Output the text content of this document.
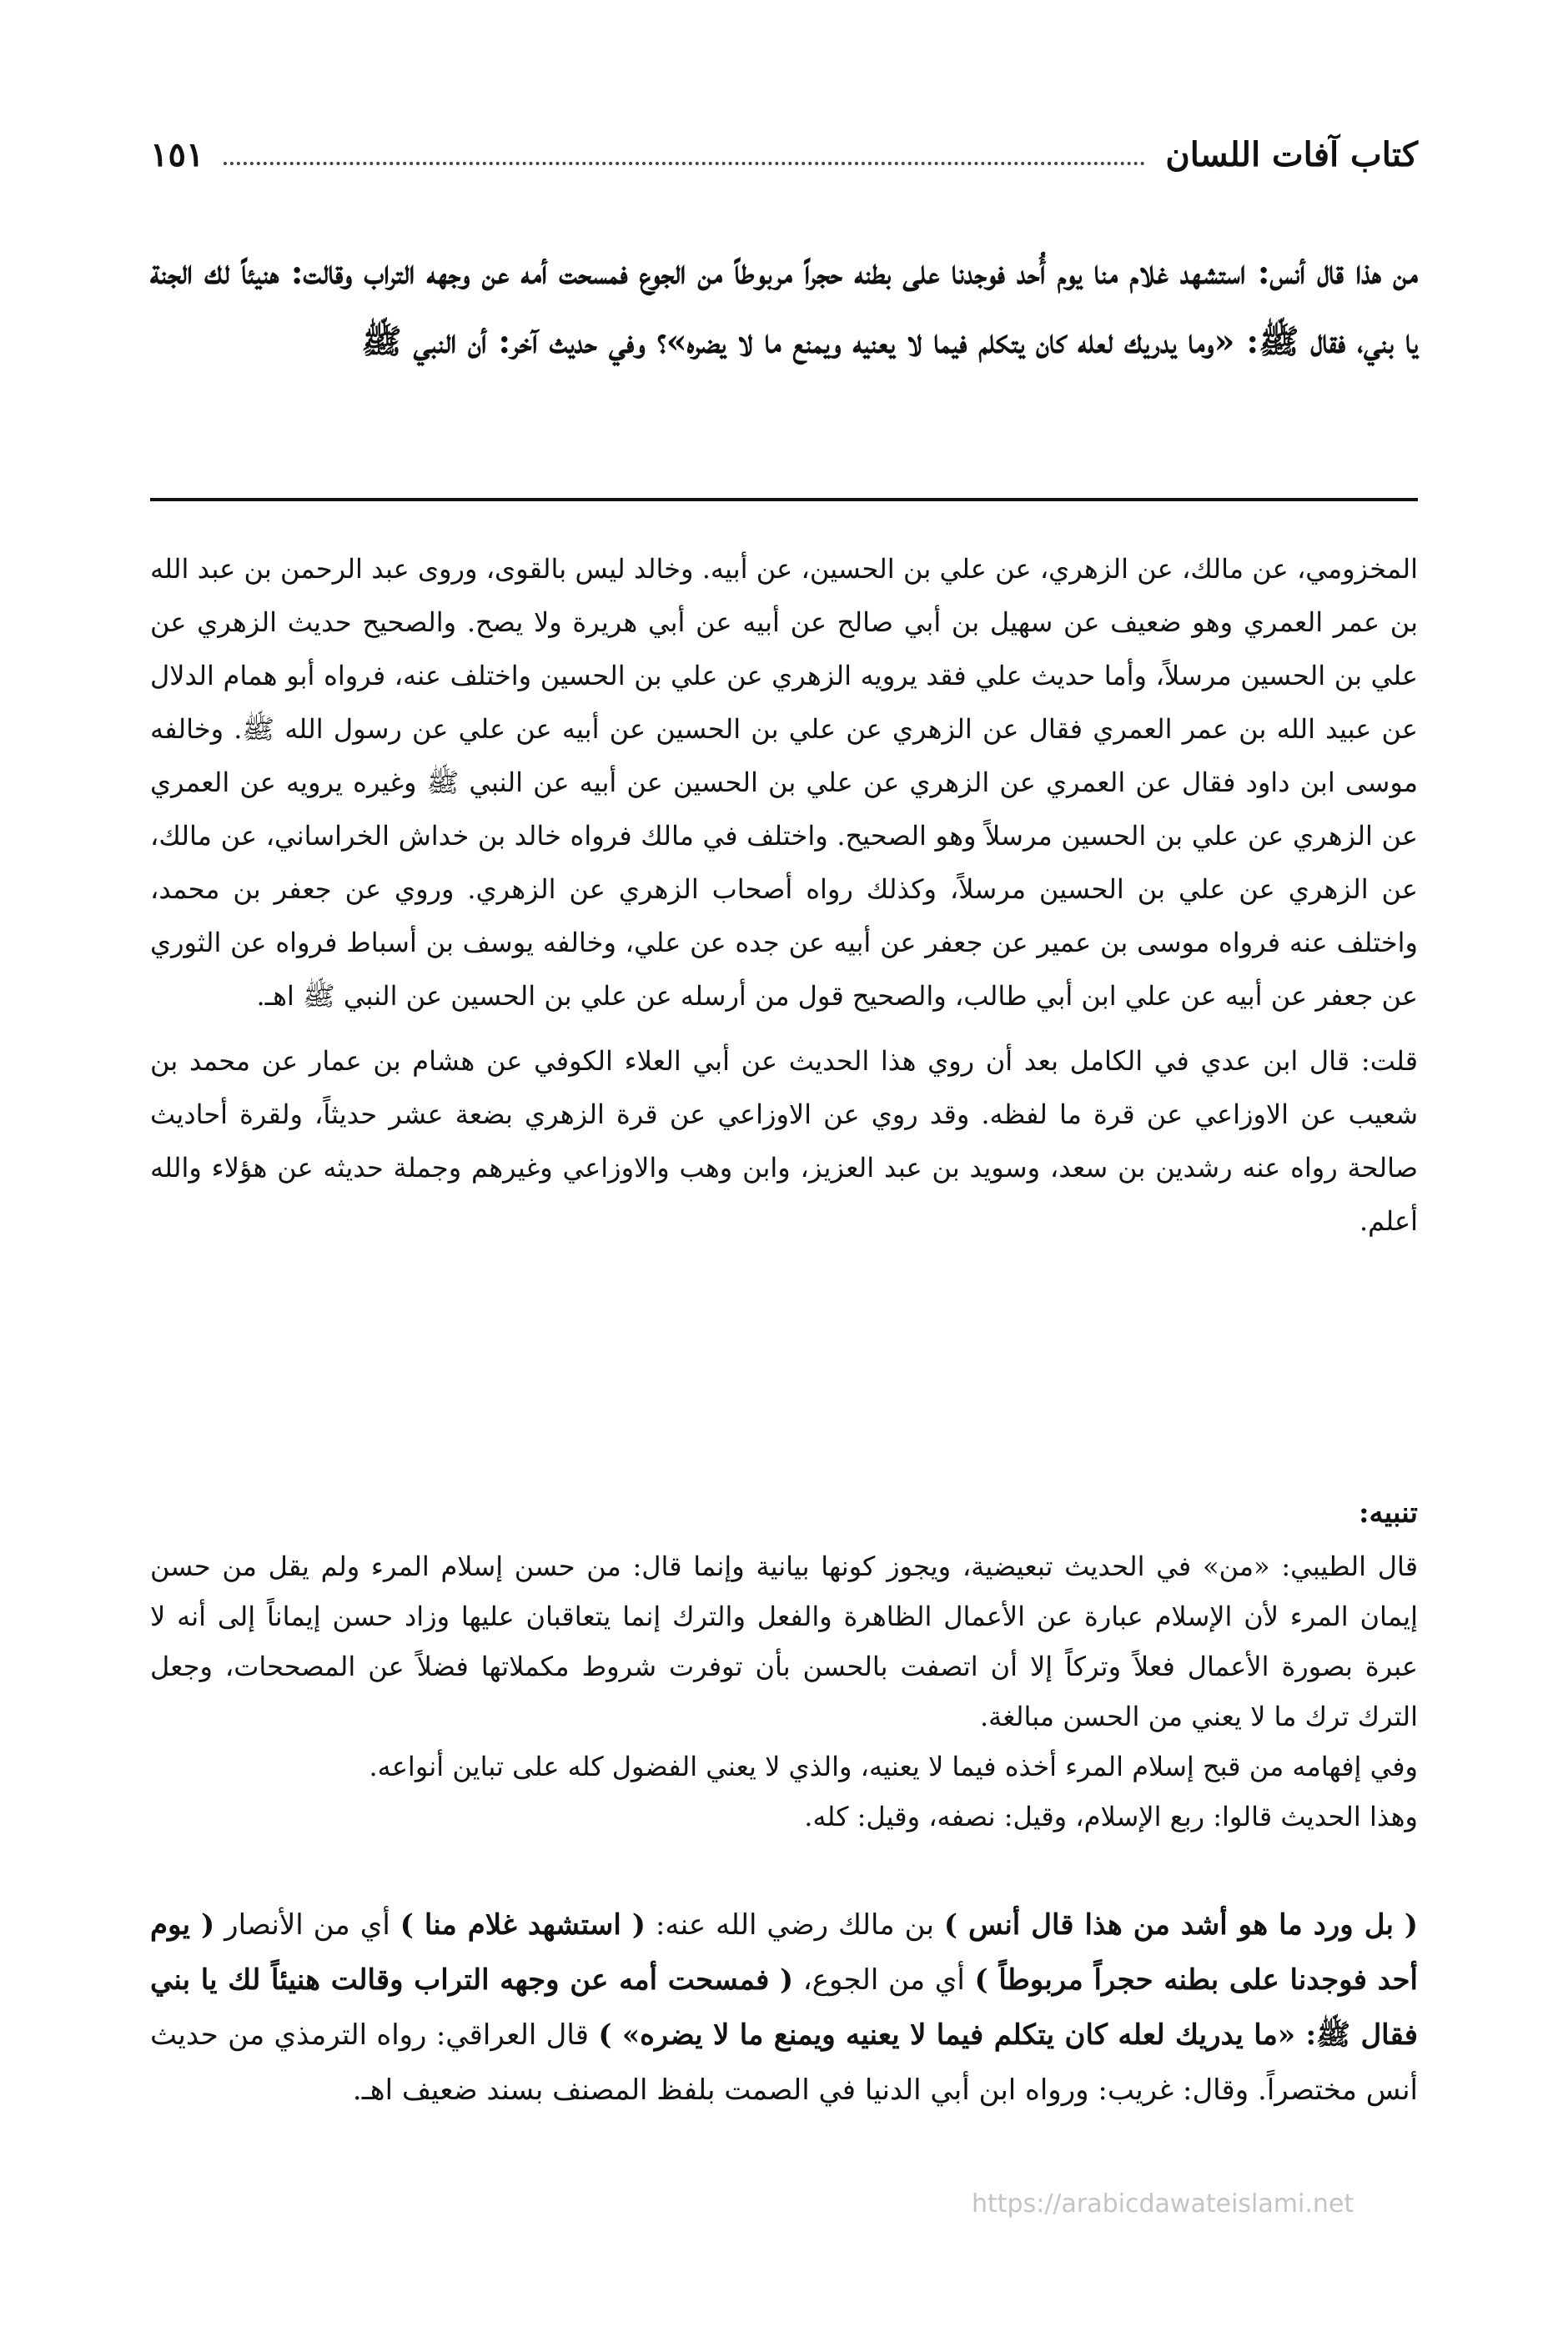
كتاب آفات اللسان
١٥١

من هذا قال أنس: استشهد غلام منا يوم أُحد فوجدنا على بطنه حجراً مربوطاً من الجوع فمسحت أمه عن وجهه التراب وقالت: هنيئاً لك الجنة يا بني، فقال ﷺ: «وما يدريك لعله كان يتكلم فيما لا يعنيه ويمنع ما لا يضره»؟ وفي حديث آخر: أن النبي ﷺ

المخزومي، عن مالك، عن الزهري، عن علي بن الحسين، عن أبيه. وخالد ليس بالقوى، وروى عبد الرحمن بن عبد الله بن عمر العمري وهو ضعيف عن سهيل بن أبي صالح عن أبيه عن أبي هريرة ولا يصح. والصحيح حديث الزهري عن علي بن الحسين مرسلاً، وأما حديث علي فقد يرويه الزهري عن علي بن الحسين واختلف عنه، فرواه أبو همام الدلال عن عبيد الله بن عمر العمري فقال عن الزهري عن علي بن الحسين عن أبيه عن علي عن رسول الله ﷺ. وخالفه موسى ابن داود فقال عن العمري عن الزهري عن علي بن الحسين عن أبيه عن النبي ﷺ وغيره يرويه عن العمري عن الزهري عن علي بن الحسين مرسلاً وهو الصحيح. واختلف في مالك فرواه خالد بن خداش الخراساني، عن مالك، عن الزهري عن علي بن الحسين مرسلاً، وكذلك رواه أصحاب الزهري عن الزهري. وروي عن جعفر بن محمد، واختلف عنه فرواه موسى بن عمير عن جعفر عن أبيه عن جده عن علي، وخالفه يوسف بن أسباط فرواه عن الثوري عن جعفر عن أبيه عن علي ابن أبي طالب، والصحيح قول من أرسله عن علي بن الحسين عن النبي ﷺ اهـ.

قلت: قال ابن عدي في الكامل بعد أن روي هذا الحديث عن أبي العلاء الكوفي عن هشام بن عمار عن محمد بن شعيب عن الاوزاعي عن قرة ما لفظه. وقد روي عن الاوزاعي عن قرة الزهري بضعة عشر حديثاً، ولقرة أحاديث صالحة رواه عنه رشدين بن سعد، وسويد بن عبد العزيز، وابن وهب والاوزاعي وغيرهم وجملة حديثه عن هؤلاء والله أعلم.

تنبيه:

قال الطيبي: «من» في الحديث تبعيضية، ويجوز كونها بيانية وإنما قال: من حسن إسلام المرء ولم يقل من حسن إيمان المرء لأن الإسلام عبارة عن الأعمال الظاهرة والفعل والترك إنما يتعاقبان عليها وزاد حسن إيماناً إلى أنه لا عبرة بصورة الأعمال فعلاً وتركاً إلا أن اتصفت بالحسن بأن توفرت شروط مكملاتها فضلاً عن المصححات، وجعل الترك ترك ما لا يعني من الحسن مبالغة.

وفي إفهامه من قبح إسلام المرء أخذه فيما لا يعنيه، والذي لا يعني الفضول كله على تباين أنواعه.

وهذا الحديث قالوا: ربع الإسلام، وقيل: نصفه، وقيل: كله.

( بل ورد ما هو أشد من هذا قال أنس ) بن مالك رضي الله عنه: ( استشهد غلام منا ) أي من الأنصار ( يوم أحد فوجدنا على بطنه حجراً مربوطاً ) أي من الجوع، ( فمسحت أمه عن وجهه التراب وقالت هنيئاً لك يا بني فقال ﷺ: «ما يدريك لعله كان يتكلم فيما لا يعنيه ويمنع ما لا يضره» ) قال العراقي: رواه الترمذي من حديث أنس مختصراً. وقال: غريب: ورواه ابن أبي الدنيا في الصمت بلفظ المصنف بسند ضعيف اهـ.

https://arabicdawateislami.net
